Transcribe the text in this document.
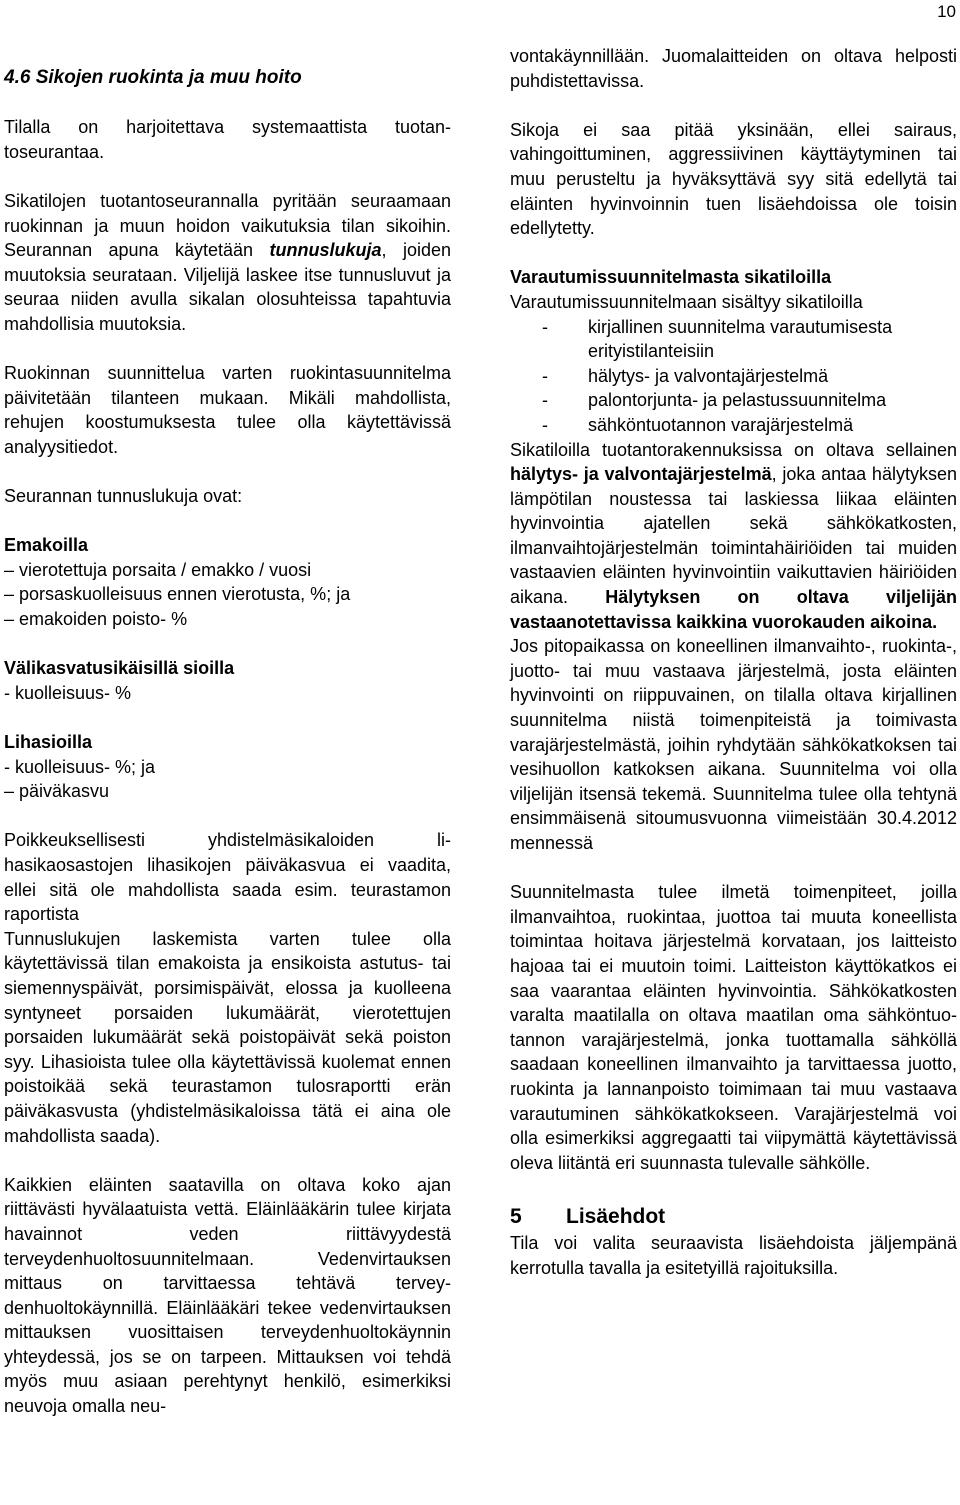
10

4.6 Sikojen ruokinta ja muu hoito

Tilalla on harjoitettava systemaattista tuotantoseurantaa.

Sikatilojen tuotantoseurannalla pyritään seuraamaan ruokinnan ja muun hoidon vaikutuksia tilan sikoihin. Seurannan apuna käytetään tunnuslukuja, joiden muutoksia seurataan. Viljelijä laskee itse tunnusluvut ja seuraa niiden avulla sikalan olosuhteissa tapahtuvia mahdollisia muutoksia.

Ruokinnan suunnittelua varten ruokintasuunnitelma päivitetään tilanteen mukaan. Mikäli mahdollista, rehujen koostumuksesta tulee olla käytettävissä analyysitiedot.

Seurannan tunnuslukuja ovat:

Emakoilla

– vierotettuja porsaita / emakko / vuosi

– porsaskuolleisuus ennen vierotusta, %; ja

– emakoiden poisto- %

Välikasvatusikäisillä sioilla

- kuolleisuus- %

Lihasioilla

- kuolleisuus- %; ja

– päiväkasvu

Poikkeuksellisesti yhdistelmäsikaloiden lihasikaosastojen lihasikojen päiväkasvua ei vaadita, ellei sitä ole mahdollista saada esim. teurastamon raportista

Tunnuslukujen laskemista varten tulee olla käytettävissä tilan emakoista ja ensikoista astutus- tai siemennyspäivät, porsimispäivät, elossa ja kuolleena syntyneet porsaiden lukumäärät, vierotettujen porsaiden lukumäärät sekä poistopäivät sekä poiston syy. Lihasioista tulee olla käytettävissä kuolemat ennen poistoikää sekä teurastamon tulosraportti erän päiväkasvusta (yhdistelmäsikaloissa tätä ei aina ole mahdollista saada).

Kaikkien eläinten saatavilla on oltava koko ajan riittävästi hyvälaatuista vettä. Eläinlääkärin tulee kirjata havainnot veden riittävyydestä terveydenhuoltosuunnitelmaan. Vedenvirtauksen mittaus on tarvittaessa tehtävä terveydenhuoltokäynnillä. Eläinlääkäri tekee vedenvirtauksen mittauksen vuosittaisen terveydenhuoltokäynnin yhteydessä, jos se on tarpeen. Mittauksen voi tehdä myös muu asiaan perehtynyt henkilö, esimerkiksi neuvoja omalla neu-

vontakäynnillään. Juomalaitteiden on oltava helposti puhdistettavissa.

Sikoja ei saa pitää yksinään, ellei sairaus, vahingoittuminen, aggressiivinen käyttäytyminen tai muu perusteltu ja hyväksyttävä syy sitä edellytä tai eläinten hyvinvoinnin tuen lisäehdoissa ole toisin edellytetty.

Varautumissuunnitelmasta sikatiloilla

Varautumissuunnitelmaan sisältyy sikatiloilla

-	kirjallinen suunnitelma varautumisesta erityistilanteisiin
-	hälytys- ja valvontajärjestelmä
-	palontorjunta- ja pelastussuunnitelma
-	sähköntuotannon varajärjestelmä

Sikatiloilla tuotantorakennuksissa on oltava sellainen hälytys- ja valvontajärjestelmä, joka antaa hälytyksen lämpötilan noustessa tai laskiessa liikaa eläinten hyvinvointia ajatellen sekä sähkökatkosten, ilmanvaihtojärjestelmän toimintahäiriöiden tai muiden vastaavien eläinten hyvinvointiin vaikuttavien häiriöiden aikana. Hälytyksen on oltava viljelijän vastaanotettavissa kaikkina vuorokauden aikoina.

Jos pitopaikassa on koneellinen ilmanvaihto-, ruokinta-, juotto- tai muu vastaava järjestelmä, josta eläinten hyvinvointi on riippuvainen, on tilalla oltava kirjallinen suunnitelma niistä toimenpiteistä ja toimivasta varajärjestelmästä, joihin ryhdytään sähkökatkoksen tai vesihuollon katkoksen aikana. Suunnitelma voi olla viljelijän itsensä tekemä. Suunnitelma tulee olla tehtynä ensimmäisenä sitoumusvuonna viimeistään 30.4.2012 mennessä

Suunnitelmasta tulee ilmetä toimenpiteet, joilla ilmanvaihtoa, ruokintaa, juottoa tai muuta koneellista toimintaa hoitava järjestelmä korvataan, jos laitteisto hajoaa tai ei muutoin toimi. Laitteiston käyttökatkos ei saa vaarantaa eläinten hyvinvointia. Sähkökatkosten varalta maatilalla on oltava maatilan oma sähköntuotannon varajärjestelmä, jonka tuottamalla sähköllä saadaan koneellinen ilmanvaihto ja tarvittaessa juotto, ruokinta ja lannanpoisto toimimaan tai muu vastaava varautuminen sähkökatkokseen. Varajärjestelmä voi olla esimerkiksi aggregaatti tai viipymättä käytettävissä oleva liitäntä eri suunnasta tulevalle sähkölle.

5 Lisäehdot

Tila voi valita seuraavista lisäehdoista jäljempänä kerrotulla tavalla ja esitetyillä rajoituksilla.
